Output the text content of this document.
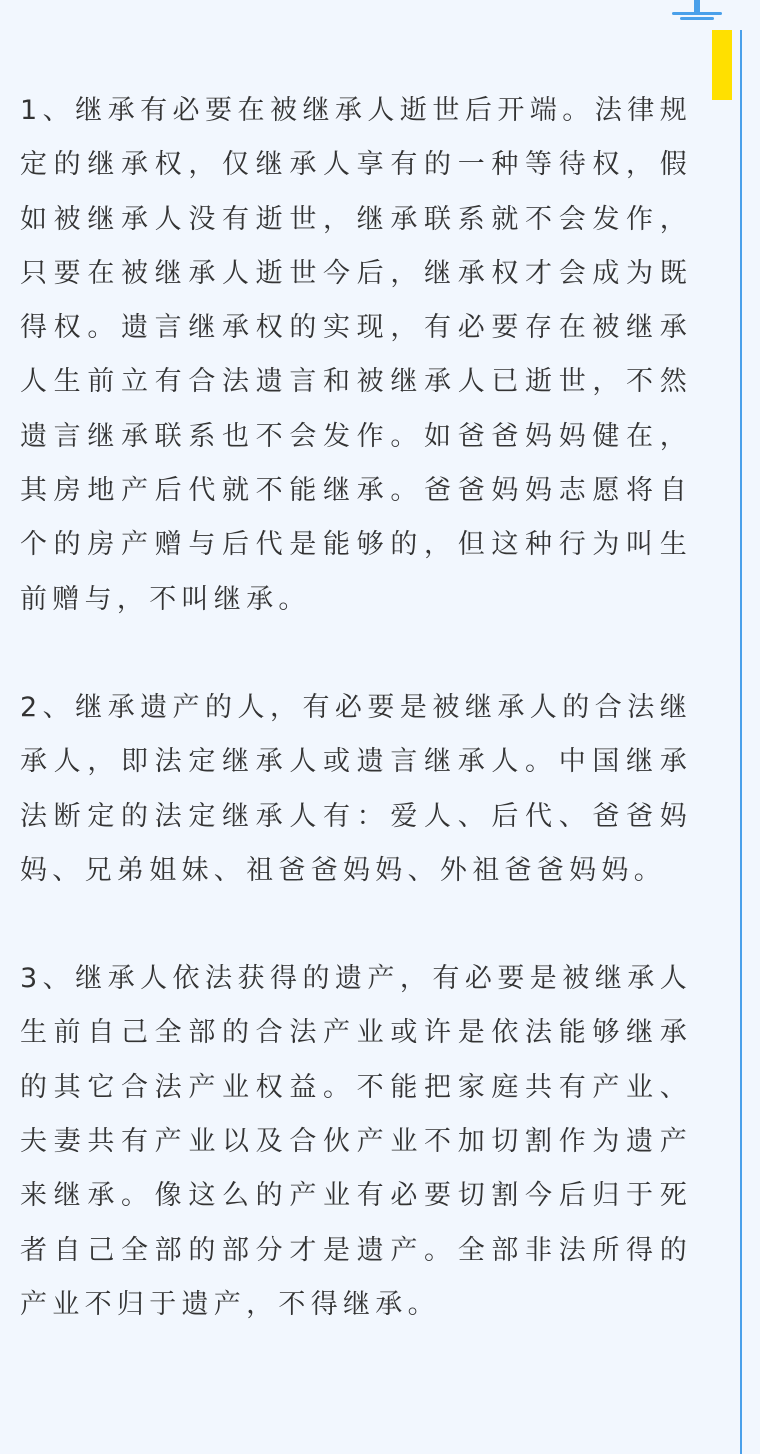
1、继承有必要在被继承人逝世后开端。法律规定的继承权，仅继承人享有的一种等待权，假如被继承人没有逝世，继承联系就不会发作，只要在被继承人逝世今后，继承权才会成为既得权。遗言继承权的实现，有必要存在被继承人生前立有合法遗言和被继承人已逝世，不然遗言继承联系也不会发作。如爸爸妈妈健在，其房地产后代就不能继承。爸爸妈妈志愿将自个的房产赠与后代是能够的，但这种行为叫生前赠与，不叫继承。

2、继承遗产的人，有必要是被继承人的合法继承人，即法定继承人或遗言继承人。中国继承法断定的法定继承人有：爱人、后代、爸爸妈妈、兄弟姐妹、祖爸爸妈妈、外祖爸爸妈妈。

3、继承人依法获得的遗产，有必要是被继承人生前自己全部的合法产业或许是依法能够继承的其它合法产业权益。不能把家庭共有产业、夫妻共有产业以及合伙产业不加切割作为遗产来继承。像这么的产业有必要切割今后归于死者自己全部的部分才是遗产。全部非法所得的产业不归于遗产，不得继承。
